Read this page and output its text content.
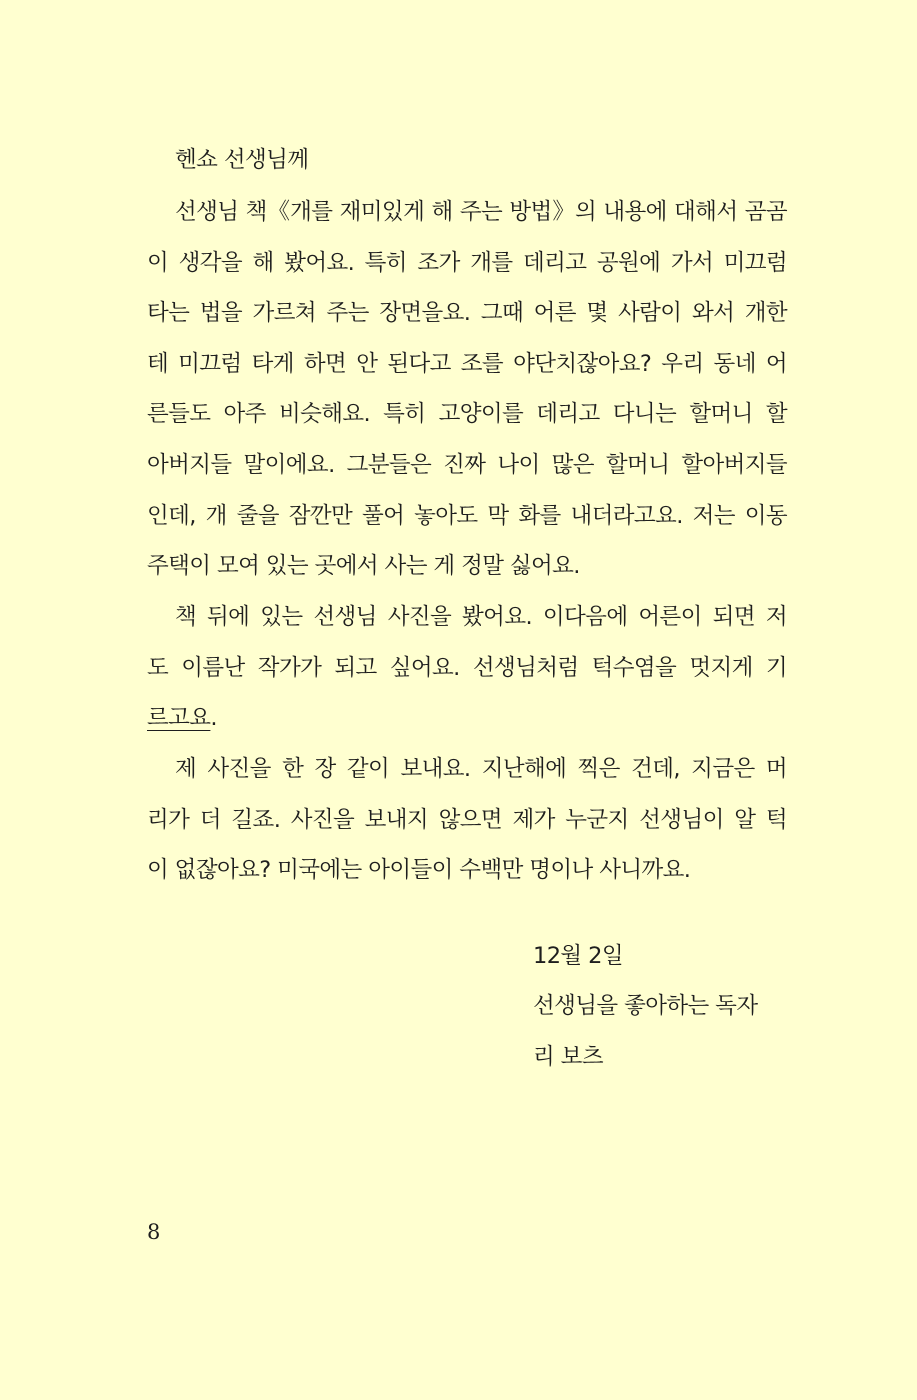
헨쇼 선생님께
선생님 책《개를 재미있게 해 주는 방법》의 내용에 대해서 곰곰
이 생각을 해 봤어요. 특히 조가 개를 데리고 공원에 가서 미끄럼
타는 법을 가르쳐 주는 장면을요. 그때 어른 몇 사람이 와서 개한
테 미끄럼 타게 하면 안 된다고 조를 야단치잖아요? 우리 동네 어
른들도 아주 비슷해요. 특히 고양이를 데리고 다니는 할머니 할
아버지들 말이에요. 그분들은 진짜 나이 많은 할머니 할아버지들
인데, 개 줄을 잠깐만 풀어 놓아도 막 화를 내더라고요. 저는 이동
주택이 모여 있는 곳에서 사는 게 정말 싫어요.
책 뒤에 있는 선생님 사진을 봤어요. 이다음에 어른이 되면 저
도 이름난 작가가 되고 싶어요. 선생님처럼 턱수염을 멋지게 기
르고요.
제 사진을 한 장 같이 보내요. 지난해에 찍은 건데, 지금은 머
리가 더 길죠. 사진을 보내지 않으면 제가 누군지 선생님이 알 턱
이 없잖아요? 미국에는 아이들이 수백만 명이나 사니까요.
12월 2일
선생님을 좋아하는 독자
리 보츠
8
